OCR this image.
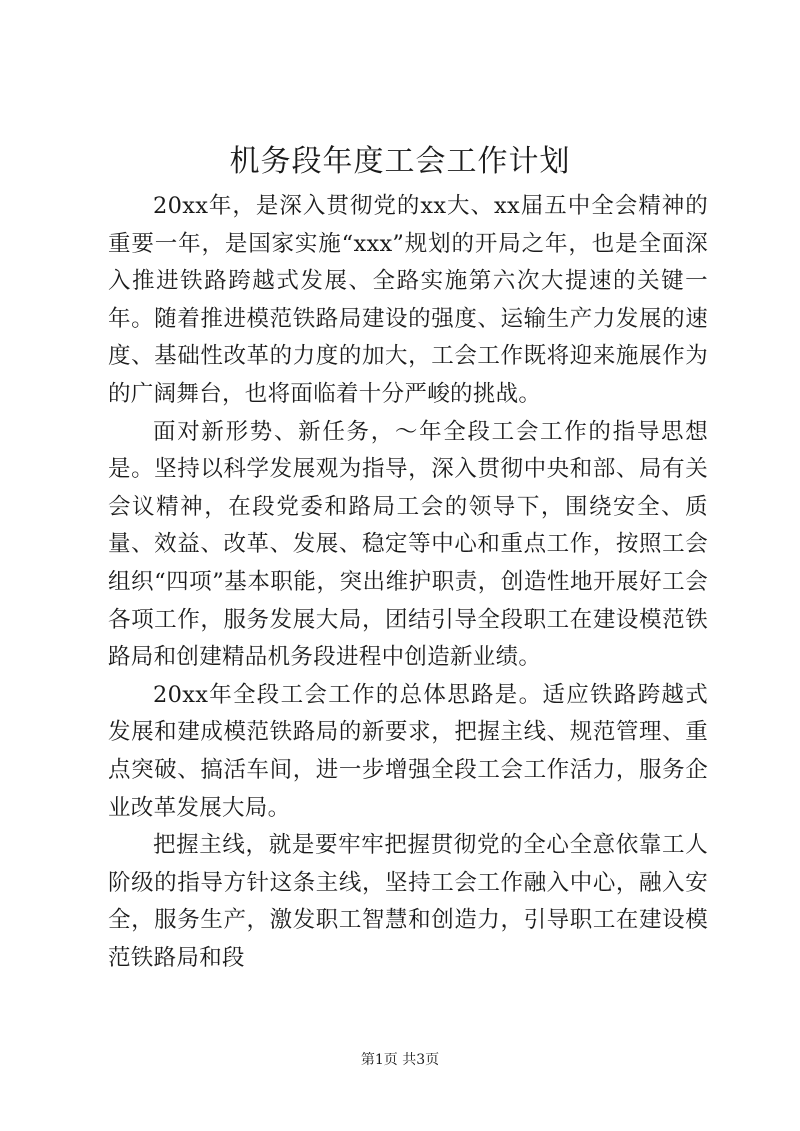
机务段年度工会工作计划

20xx年，是深入贯彻党的xx大、xx届五中全会精神的重要一年，是国家实施“xxx”规划的开局之年，也是全面深入推进铁路跨越式发展、全路实施第六次大提速的关键一年。随着推进模范铁路局建设的强度、运输生产力发展的速度、基础性改革的力度的加大，工会工作既将迎来施展作为的广阔舞台，也将面临着十分严峻的挑战。

面对新形势、新任务，～年全段工会工作的指导思想是。坚持以科学发展观为指导，深入贯彻中央和部、局有关会议精神，在段党委和路局工会的领导下，围绕安全、质量、效益、改革、发展、稳定等中心和重点工作，按照工会组织“四项”基本职能，突出维护职责，创造性地开展好工会各项工作，服务发展大局，团结引导全段职工在建设模范铁路局和创建精品机务段进程中创造新业绩。

20xx年全段工会工作的总体思路是。适应铁路跨越式发展和建成模范铁路局的新要求，把握主线、规范管理、重点突破、搞活车间，进一步增强全段工会工作活力，服务企业改革发展大局。

把握主线，就是要牢牢把握贯彻党的全心全意依靠工人阶级的指导方针这条主线，坚持工会工作融入中心，融入安全，服务生产，激发职工智慧和创造力，引导职工在建设模范铁路局和段

第1页 共3页
